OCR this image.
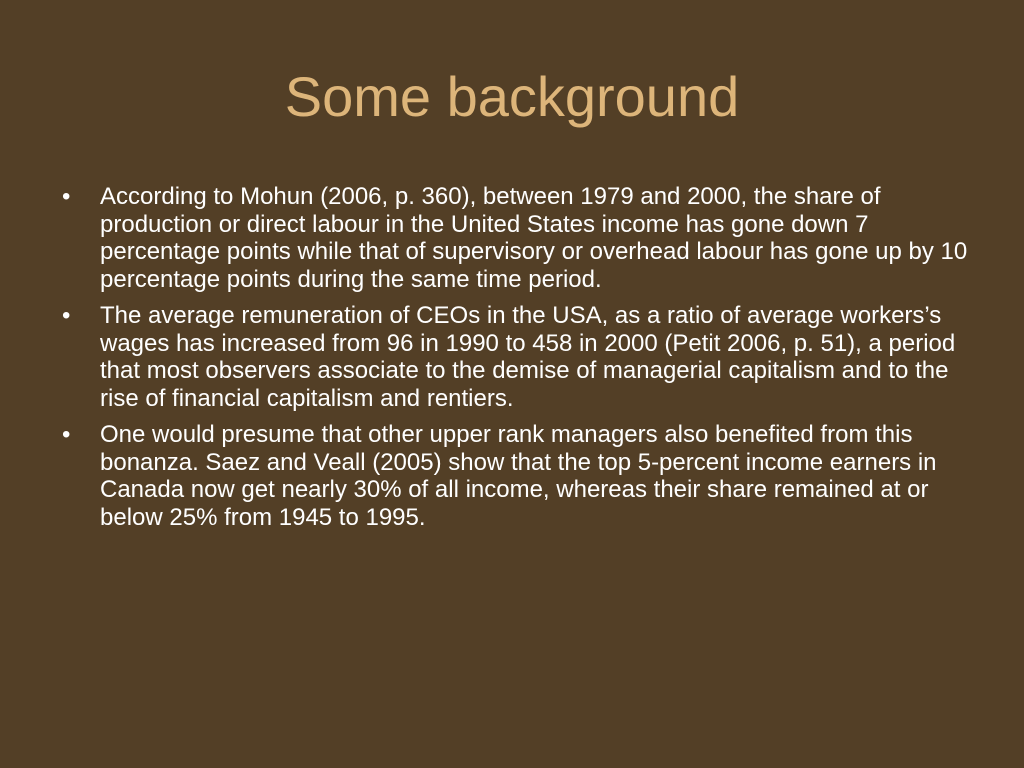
Some background
•	According to Mohun (2006, p. 360), between 1979 and 2000, the share of production or direct labour in the United States income has gone down 7 percentage points while that of supervisory or overhead labour has gone up by 10 percentage points during the same time period.
•	The average remuneration of CEOs in the USA, as a ratio of average workers’s wages has increased from 96 in 1990 to 458 in 2000 (Petit 2006, p. 51), a period that most observers associate to the demise of managerial capitalism and to the rise of financial capitalism and rentiers.
•	One would presume that other upper rank managers also benefited from this bonanza. Saez and Veall (2005) show that the top 5-percent income earners in Canada now get nearly 30% of all income, whereas their share remained at or below 25% from 1945 to 1995.
